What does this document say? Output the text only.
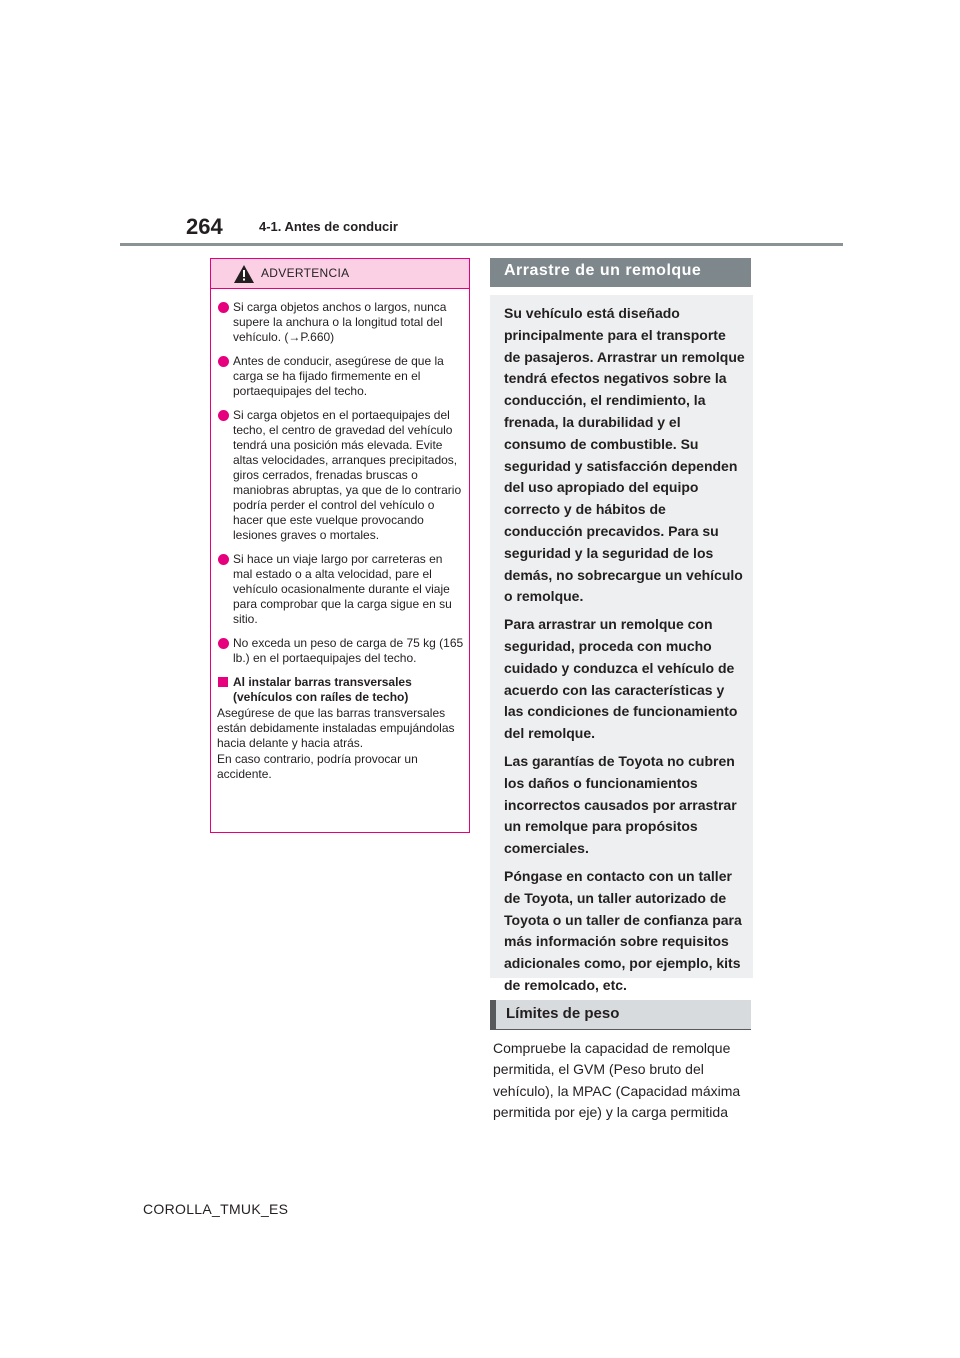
264	4-1. Antes de conducir
ADVERTENCIA
Si carga objetos anchos o largos, nunca supere la anchura o la longitud total del vehículo. (→P.660)
Antes de conducir, asegúrese de que la carga se ha fijado firmemente en el portaequipajes del techo.
Si carga objetos en el portaequipajes del techo, el centro de gravedad del vehículo tendrá una posición más elevada. Evite altas velocidades, arranques precipitados, giros cerrados, frenadas bruscas o maniobras abruptas, ya que de lo contrario podría perder el control del vehículo o hacer que este vuelque provocando lesiones graves o mortales.
Si hace un viaje largo por carreteras en mal estado o a alta velocidad, pare el vehículo ocasionalmente durante el viaje para comprobar que la carga sigue en su sitio.
No exceda un peso de carga de 75 kg (165 lb.) en el portaequipajes del techo.
Al instalar barras transversales (vehículos con raíles de techo)
Asegúrese de que las barras transversales están debidamente instaladas empujándolas hacia delante y hacia atrás.
En caso contrario, podría provocar un accidente.
Arrastre de un remolque

Su vehículo está diseñado principalmente para el transporte de pasajeros. Arrastrar un remolque tendrá efectos negativos sobre la conducción, el rendimiento, la frenada, la durabilidad y el consumo de combustible. Su seguridad y satisfacción dependen del uso apropiado del equipo correcto y de hábitos de conducción precavidos. Para su seguridad y la seguridad de los demás, no sobrecargue un vehículo o remolque.

Para arrastrar un remolque con seguridad, proceda con mucho cuidado y conduzca el vehículo de acuerdo con las características y las condiciones de funcionamiento del remolque.

Las garantías de Toyota no cubren los daños o funcionamientos incorrectos causados por arrastrar un remolque para propósitos comerciales.

Póngase en contacto con un taller de Toyota, un taller autorizado de Toyota o un taller de confianza para más información sobre requisitos adicionales como, por ejemplo, kits de remolcado, etc.

Límites de peso
Compruebe la capacidad de remolque permitida, el GVM (Peso bruto del vehículo), la MPAC (Capacidad máxima permitida por eje) y la carga permitida
COROLLA_TMUK_ES
